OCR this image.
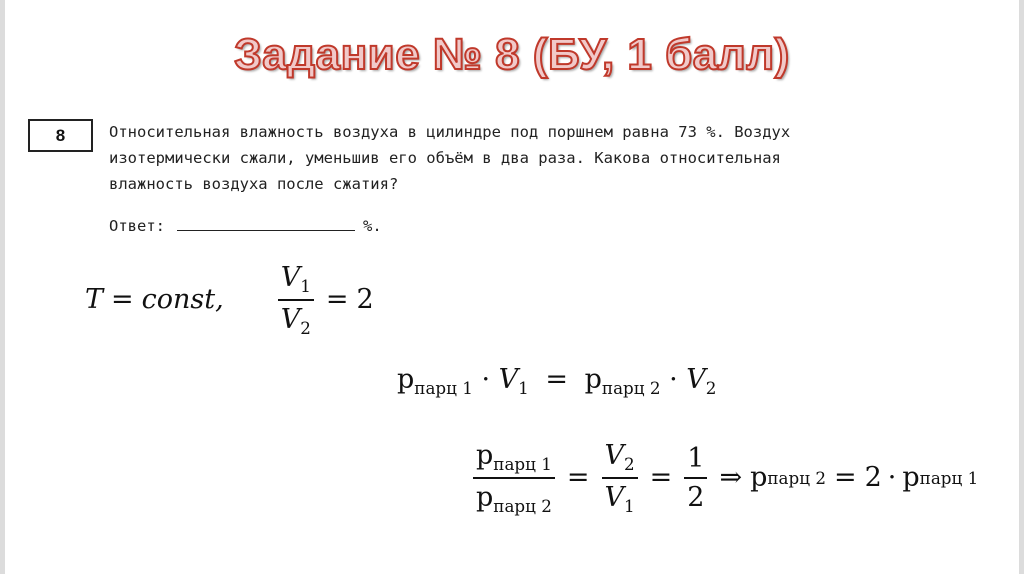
Задание № 8 (БУ, 1 балл)
8	Относительная влажность воздуха в цилиндре под поршнем равна 73 %. Воздух
изотермически сжали, уменьшив его объём в два раза. Какова относительная
влажность воздуха после сжатия?
Ответ:	%.
T = const, $\frac{V_1}{V_2} = 2$
$p_{парц 1} \cdot V_1 = p_{парц 2} \cdot V_2$
$\frac{p_{парц 1}}{p_{парц 2}} = \frac{V_2}{V_1} = \frac{1}{2}$ ⇒ p парц 2 = 2 · p парц 1
